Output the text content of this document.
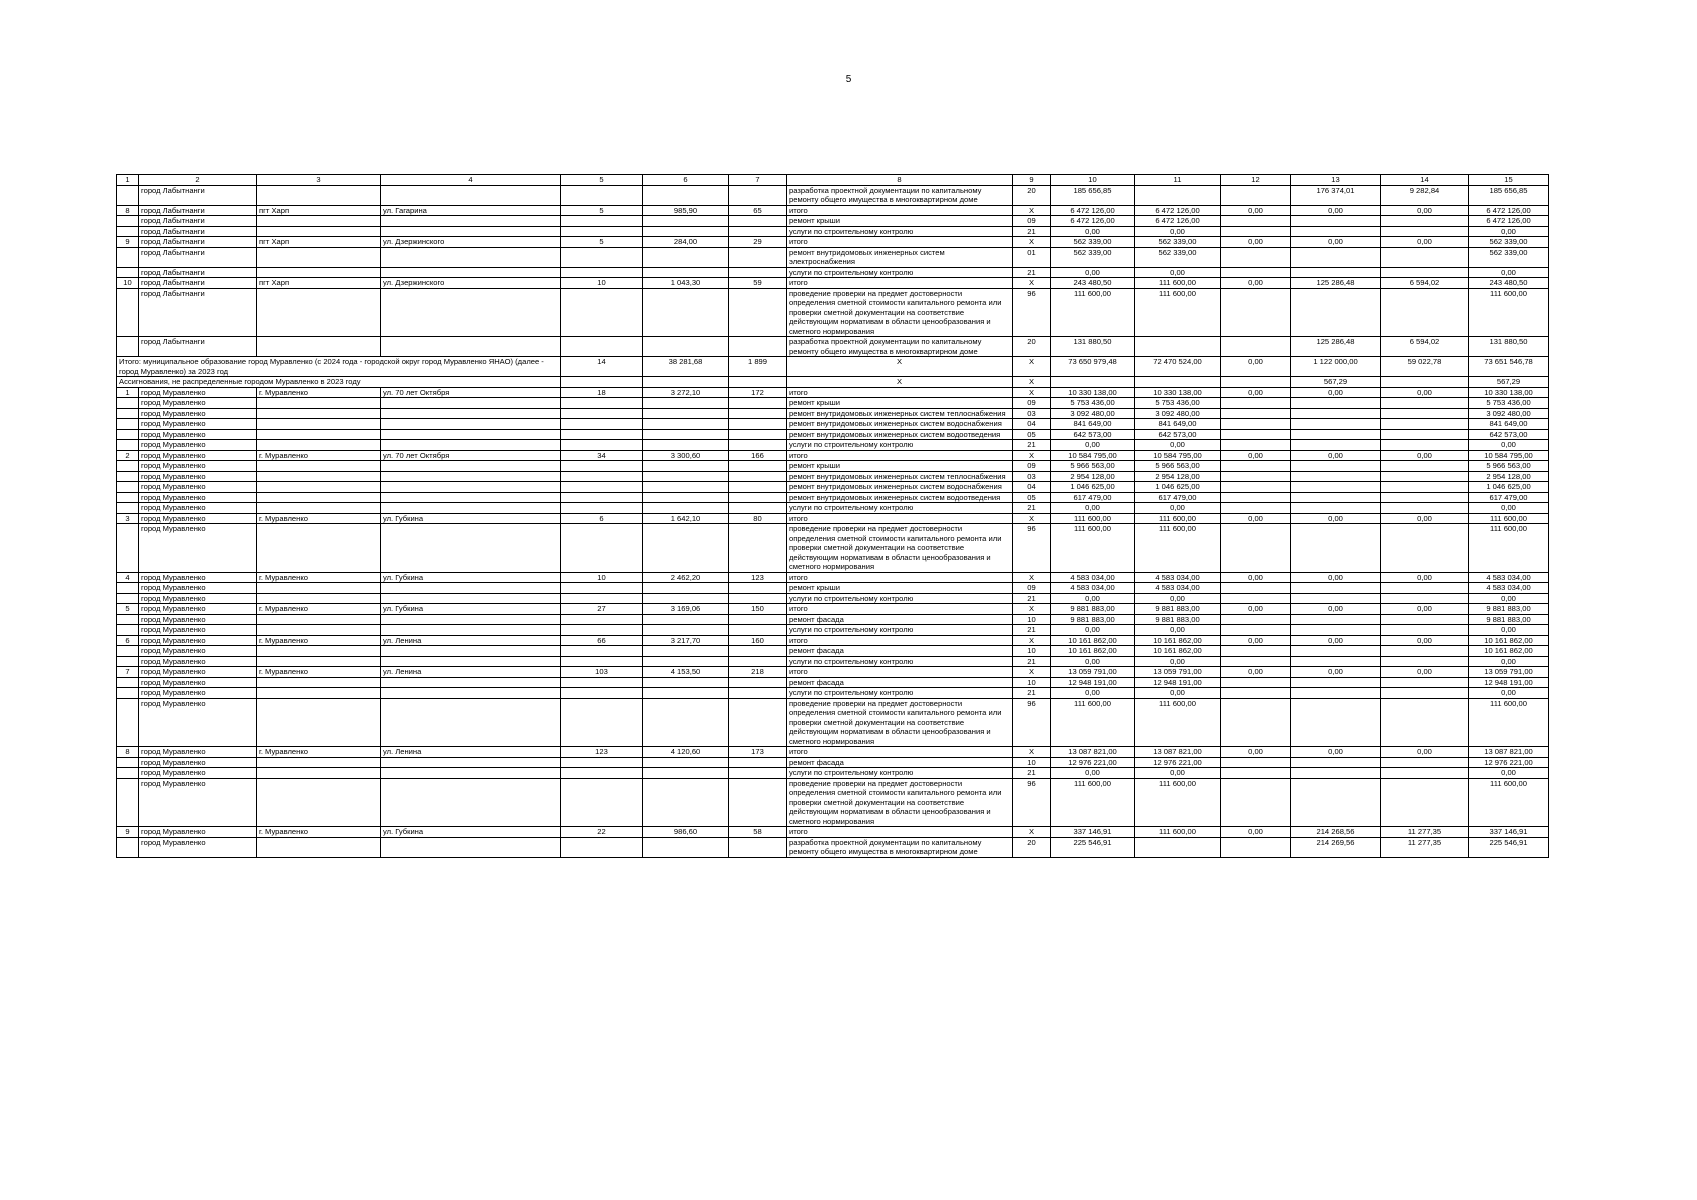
5
1	2	3	4	5	6	7	8	9	10	11	12	13	14	15
	город Лабытнанги						разработка проектной документации по капитальному ремонту общего имущества в многоквартирном доме	20	185 656,85			176 374,01	9 282,84	185 656,85
8	город Лабытнанги	пгт Харп	ул. Гагарина	5	985,90	65	итого	X	6 472 126,00	6 472 126,00	0,00	0,00	0,00	6 472 126,00
	город Лабытнанги						ремонт крыши	09	6 472 126,00	6 472 126,00				6 472 126,00
	город Лабытнанги						услуги по строительному контролю	21	0,00	0,00				0,00
9	город Лабытнанги	пгт Харп	ул. Дзержинского	5	284,00	29	итого	X	562 339,00	562 339,00	0,00	0,00	0,00	562 339,00
	город Лабытнанги						ремонт внутридомовых инженерных систем электроснабжения	01	562 339,00	562 339,00				562 339,00
	город Лабытнанги						услуги по строительному контролю	21	0,00	0,00				0,00
10	город Лабытнанги	пгт Харп	ул. Дзержинского	10	1 043,30	59	итого	X	243 480,50	111 600,00	0,00	125 286,48	6 594,02	243 480,50
	город Лабытнанги						проведение проверки на предмет достоверности определения сметной стоимости капитального ремонта или проверки сметной документации на соответствие действующим нормативам в области ценообразования и сметного нормирования	96	111 600,00	111 600,00				111 600,00
	город Лабытнанги						разработка проектной документации по капитальному ремонту общего имущества в многоквартирном доме	20	131 880,50			125 286,48	6 594,02	131 880,50
Итого: муниципальное образование город Муравленко (с 2024 года - городской округ город Муравленко ЯНАО) (далее - город Муравленко) за 2023 год				14	38 281,68	1 899	X	X	73 650 979,48	72 470 524,00	0,00	1 122 000,00	59 022,78	73 651 546,78
Ассигнования, не распределенные городом Муравленко в 2023 году							X	X				567,29		567,29
1	город Муравленко	г. Муравленко	ул. 70 лет Октября	18	3 272,10	172	итого	X	10 330 138,00	10 330 138,00	0,00	0,00	0,00	10 330 138,00
	город Муравленко						ремонт крыши	09	5 753 436,00	5 753 436,00				5 753 436,00
	город Муравленко						ремонт внутридомовых инженерных систем теплоснабжения	03	3 092 480,00	3 092 480,00				3 092 480,00
	город Муравленко						ремонт внутридомовых инженерных систем водоснабжения	04	841 649,00	841 649,00				841 649,00
	город Муравленко						ремонт внутридомовых инженерных систем водоотведения	05	642 573,00	642 573,00				642 573,00
	город Муравленко						услуги по строительному контролю	21	0,00	0,00				0,00
2	город Муравленко	г. Муравленко	ул. 70 лет Октября	34	3 300,60	166	итого	X	10 584 795,00	10 584 795,00	0,00	0,00	0,00	10 584 795,00
	город Муравленко						ремонт крыши	09	5 966 563,00	5 966 563,00				5 966 563,00
	город Муравленко						ремонт внутридомовых инженерных систем теплоснабжения	03	2 954 128,00	2 954 128,00				2 954 128,00
	город Муравленко						ремонт внутридомовых инженерных систем водоснабжения	04	1 046 625,00	1 046 625,00				1 046 625,00
	город Муравленко						ремонт внутридомовых инженерных систем водоотведения	05	617 479,00	617 479,00				617 479,00
	город Муравленко						услуги по строительному контролю	21	0,00	0,00				0,00
3	город Муравленко	г. Муравленко	ул. Губкина	6	1 642,10	80	итого	X	111 600,00	111 600,00	0,00	0,00	0,00	111 600,00
	город Муравленко						проведение проверки на предмет достоверности определения сметной стоимости капитального ремонта или проверки сметной документации на соответствие действующим нормативам в области ценообразования и сметного нормирования	96	111 600,00	111 600,00				111 600,00
4	город Муравленко	г. Муравленко	ул. Губкина	10	2 462,20	123	итого	X	4 583 034,00	4 583 034,00	0,00	0,00	0,00	4 583 034,00
	город Муравленко						ремонт крыши	09	4 583 034,00	4 583 034,00				4 583 034,00
	город Муравленко						услуги по строительному контролю	21	0,00	0,00				0,00
5	город Муравленко	г. Муравленко	ул. Губкина	27	3 169,06	150	итого	X	9 881 883,00	9 881 883,00	0,00	0,00	0,00	9 881 883,00
	город Муравленко						ремонт фасада	10	9 881 883,00	9 881 883,00				9 881 883,00
	город Муравленко						услуги по строительному контролю	21	0,00	0,00				0,00
6	город Муравленко	г. Муравленко	ул. Ленина	66	3 217,70	160	итого	X	10 161 862,00	10 161 862,00	0,00	0,00	0,00	10 161 862,00
	город Муравленко						ремонт фасада	10	10 161 862,00	10 161 862,00				10 161 862,00
	город Муравленко						услуги по строительному контролю	21	0,00	0,00				0,00
7	город Муравленко	г. Муравленко	ул. Ленина	103	4 153,50	218	итого	X	13 059 791,00	13 059 791,00	0,00	0,00	0,00	13 059 791,00
	город Муравленко						ремонт фасада	10	12 948 191,00	12 948 191,00				12 948 191,00
	город Муравленко						услуги по строительному контролю	21	0,00	0,00				0,00
	город Муравленко						проведение проверки на предмет достоверности определения сметной стоимости капитального ремонта или проверки сметной документации на соответствие действующим нормативам в области ценообразования и сметного нормирования	96	111 600,00	111 600,00				111 600,00
8	город Муравленко	г. Муравленко	ул. Ленина	123	4 120,60	173	итого	X	13 087 821,00	13 087 821,00	0,00	0,00	0,00	13 087 821,00
	город Муравленко						ремонт фасада	10	12 976 221,00	12 976 221,00				12 976 221,00
	город Муравленко						услуги по строительному контролю	21	0,00	0,00				0,00
	город Муравленко						проведение проверки на предмет достоверности определения сметной стоимости капитального ремонта или проверки сметной документации на соответствие действующим нормативам в области ценообразования и сметного нормирования	96	111 600,00	111 600,00				111 600,00
9	город Муравленко	г. Муравленко	ул. Губкина	22	986,60	58	итого	X	337 146,91	111 600,00	0,00	214 268,56	11 277,35	337 146,91
	город Муравленко						разработка проектной документации по капитальному ремонту общего имущества в многоквартирном доме	20	225 546,91			214 269,56	11 277,35	225 546,91
